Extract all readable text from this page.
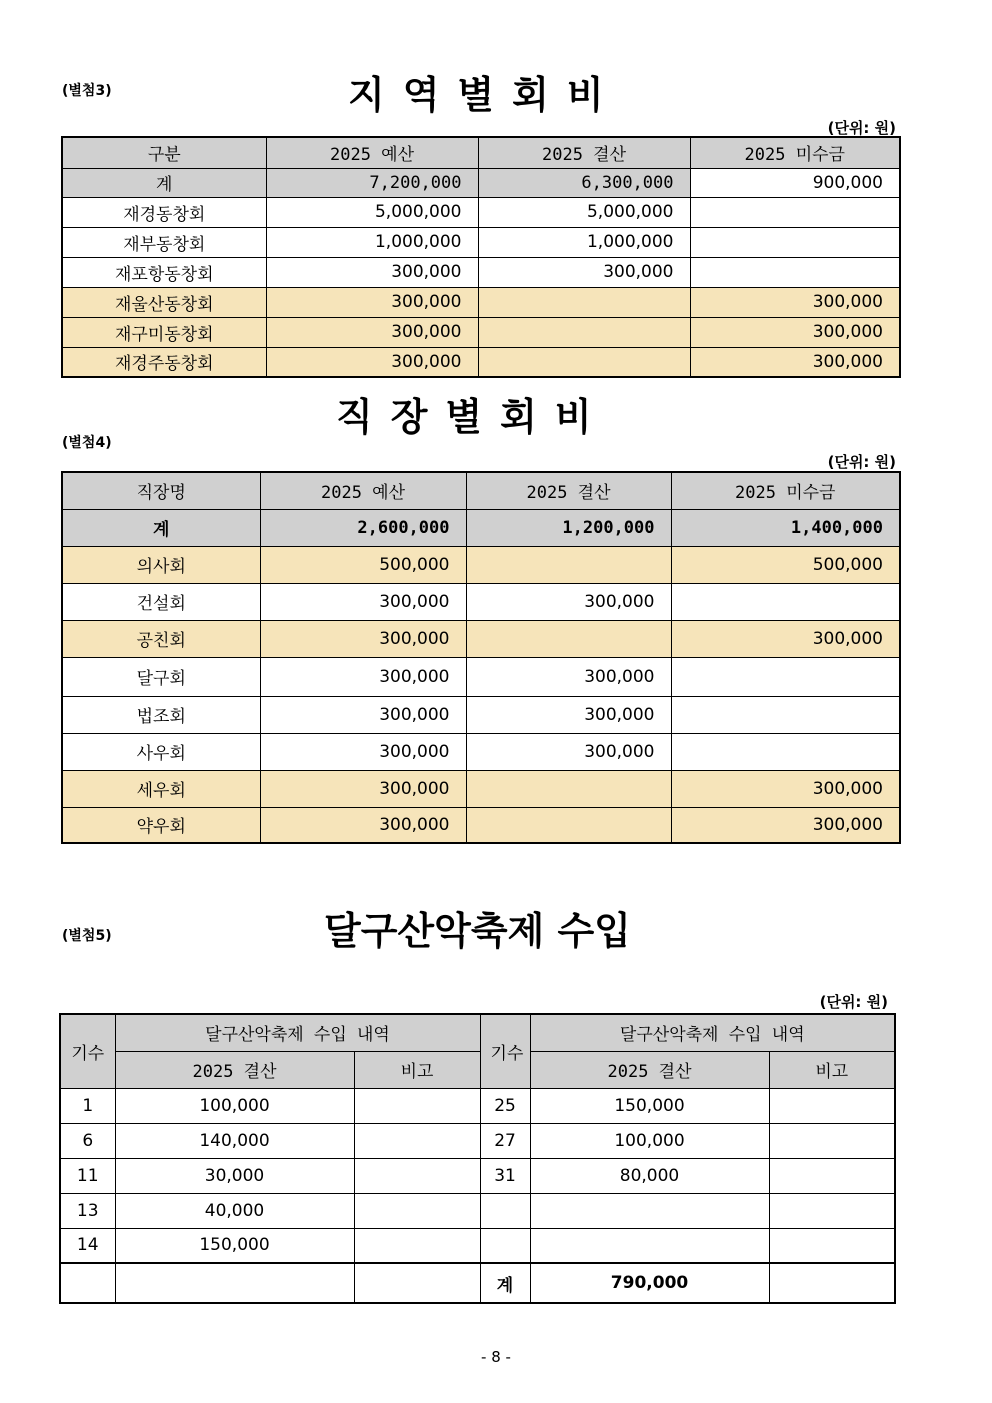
(별첨3)	지역별회비
(단위: 원)
구분	2025 예산	2025 결산	2025 미수금
계	7,200,000	6,300,000	900,000
재경동창회	5,000,000	5,000,000	
재부동창회	1,000,000	1,000,000	
재포항동창회	300,000	300,000	
재울산동창회	300,000		300,000
재구미동창회	300,000		300,000
재경주동창회	300,000		300,000
직장별회비
(별첨4)
(단위: 원)
직장명	2025 예산	2025 결산	2025 미수금
계	2,600,000	1,200,000	1,400,000
의사회	500,000		500,000
건설회	300,000	300,000	
공친회	300,000		300,000
달구회	300,000	300,000	
법조회	300,000	300,000	
사우회	300,000	300,000	
세우회	300,000		300,000
약우회	300,000		300,000
(별첨5)	달구산악축제 수입
(단위: 원)
기수	달구산악축제 수입 내역		기수	달구산악축제 수입 내역	
	2025 결산	비고		2025 결산	비고
1	100,000		25	150,000	
6	140,000		27	100,000	
11	30,000		31	80,000	
13	40,000				
14	150,000				
			계	790,000	
- 8 -
